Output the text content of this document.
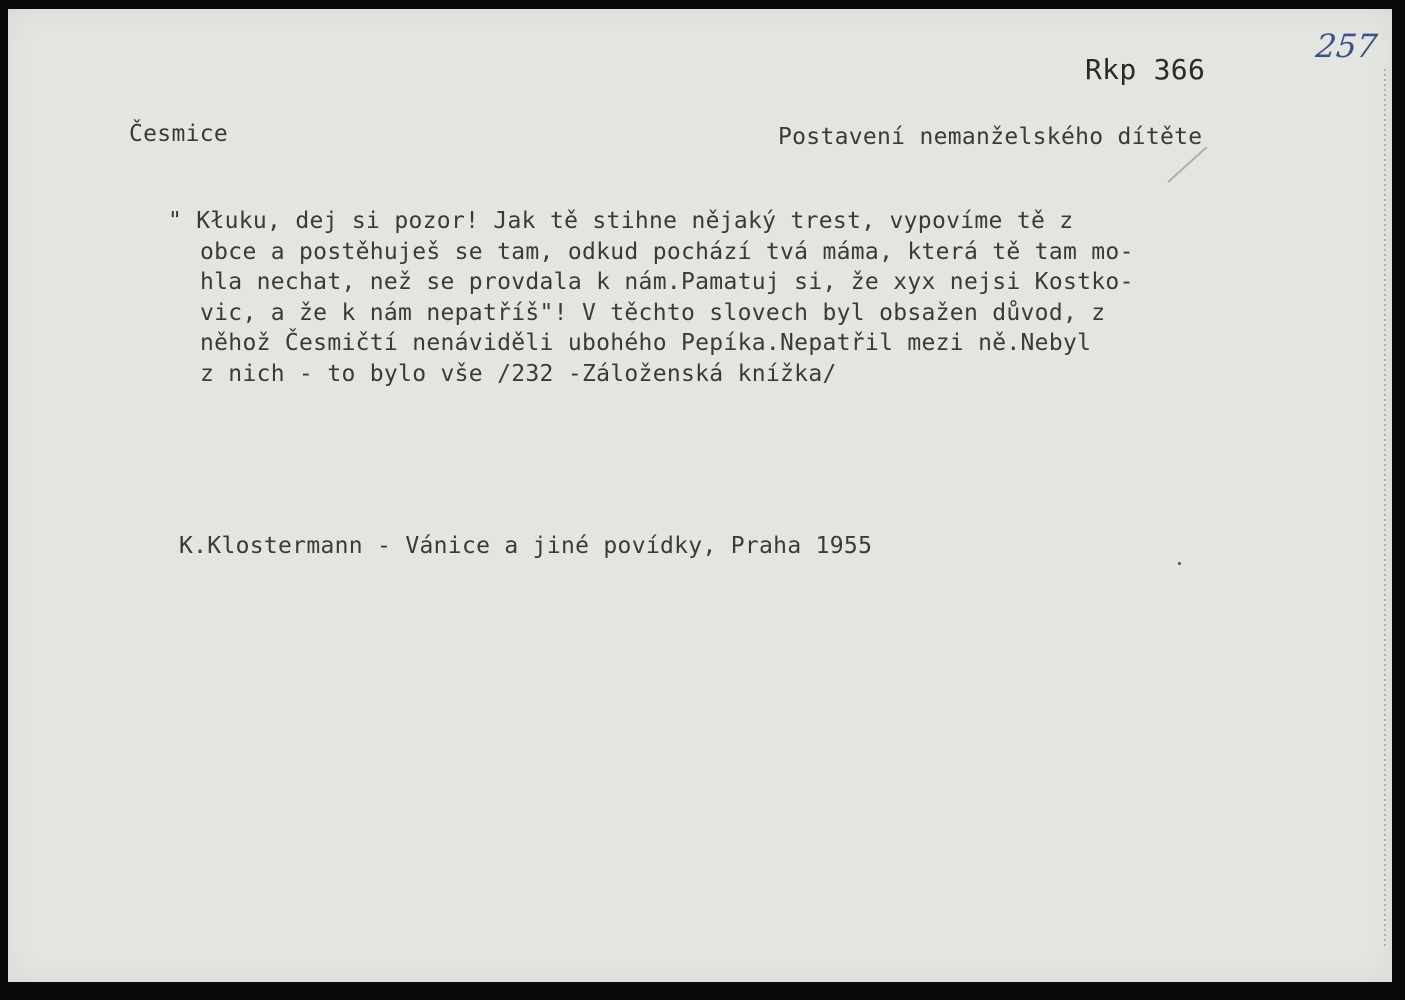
Rkp 366
257
Česmice	Postavení nemanželského dítěte
" Kłuku, dej si pozor! Jak tě stihne nějaký trest, vypovíme tě z
obce a postěhuješ se tam, odkud pochází tvá máma, která tě tam mo-
hla nechat, než se provdala k nám.Pamatuj si, že xyx nejsi Kostko-
vic, a že k nám nepatříš"! V těchto slovech byl obsažen důvod, z
něhož Česmičtí nenáviděli ubohého Pepíka.Nepatřil mezi ně.Nebyl
z nich - to bylo vše /232 -Záloženská knížka/
K.Klostermann - Vánice a jiné povídky, Praha 1955
